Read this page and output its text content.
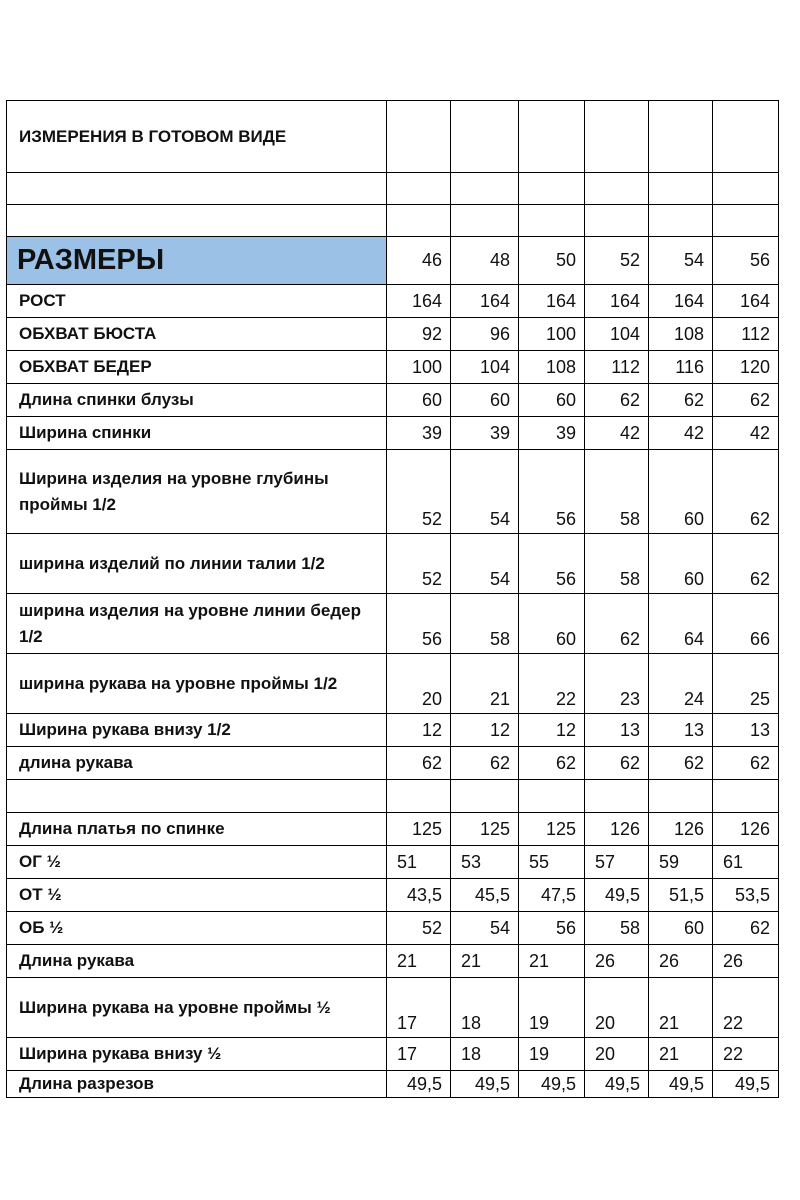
ИЗМЕРЕНИЯ В ГОТОВОМ ВИДЕ						

РАЗМЕРЫ	46	48	50	52	54	56
РОСТ	164	164	164	164	164	164
ОБХВАТ БЮСТА	92	96	100	104	108	112
ОБХВАТ БЕДЕР	100	104	108	112	116	120
Длина спинки блузы	60	60	60	62	62	62
Ширина спинки	39	39	39	42	42	42
Ширина изделия на уровне глубины проймы 1/2	52	54	56	58	60	62
ширина изделий по линии талии 1/2	52	54	56	58	60	62
ширина изделия на уровне линии бедер 1/2	56	58	60	62	64	66
ширина рукава на уровне проймы 1/2	20	21	22	23	24	25
Ширина рукава внизу 1/2	12	12	12	13	13	13
длина рукава	62	62	62	62	62	62

Длина платья по спинке	125	125	125	126	126	126
ОГ ½	51	53	55	57	59	61
ОТ ½	43,5	45,5	47,5	49,5	51,5	53,5
ОБ ½	52	54	56	58	60	62
Длина рукава	21	21	21	26	26	26
Ширина рукава на уровне проймы ½	17	18	19	20	21	22
Ширина рукава внизу ½	17	18	19	20	21	22
Длина разрезов	49,5	49,5	49,5	49,5	49,5	49,5
